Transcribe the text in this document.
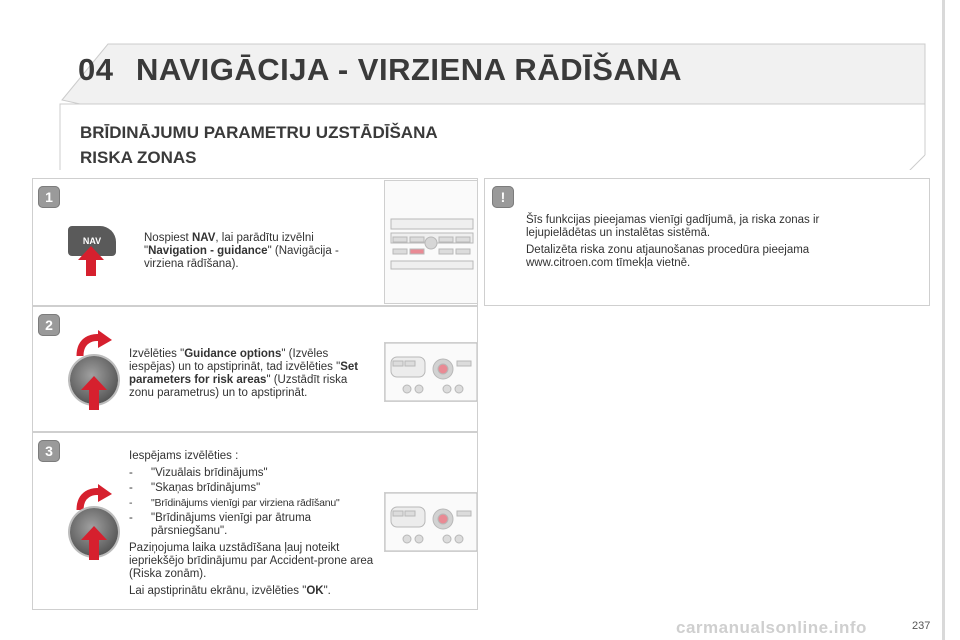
04 NAVIGĀCIJA - VIRZIENA RĀDĪŠANA
BRĪDINĀJUMU PARAMETRU UZSTĀDĪŠANA
RISKA ZONAS
1
NAV	Nospiest NAV, lai parādītu izvēlni "Navigation - guidance" (Navigācija - virziena rādīšana).
2
Izvēlēties "Guidance options" (Izvēles iespējas) un to apstiprināt, tad izvēlēties "Set parameters for risk areas" (Uzstādīt riska zonu parametrus) un to apstiprināt.
3	Iespējams izvēlēties :

- "Vizuālais brīdinājums"
- "Skaņas brīdinājums"
- "Brīdinājums vienīgi par virziena rādīšanu"
- "Brīdinājums vienīgi par ātruma pārsniegšanu".

Paziņojuma laika uzstādīšana ļauj noteikt iepriekšējo brīdinājumu par Accident-prone area (Riska zonām).

Lai apstiprinātu ekrānu, izvēlēties "OK".

!

Šīs funkcijas pieejamas vienīgi gadījumā, ja riska zonas ir lejupielādētas un instalētas sistēmā.

Detalizēta riska zonu atjaunošanas procedūra pieejama www.citroen.com tīmekļa vietnē.

carmanualsonline.info	237
